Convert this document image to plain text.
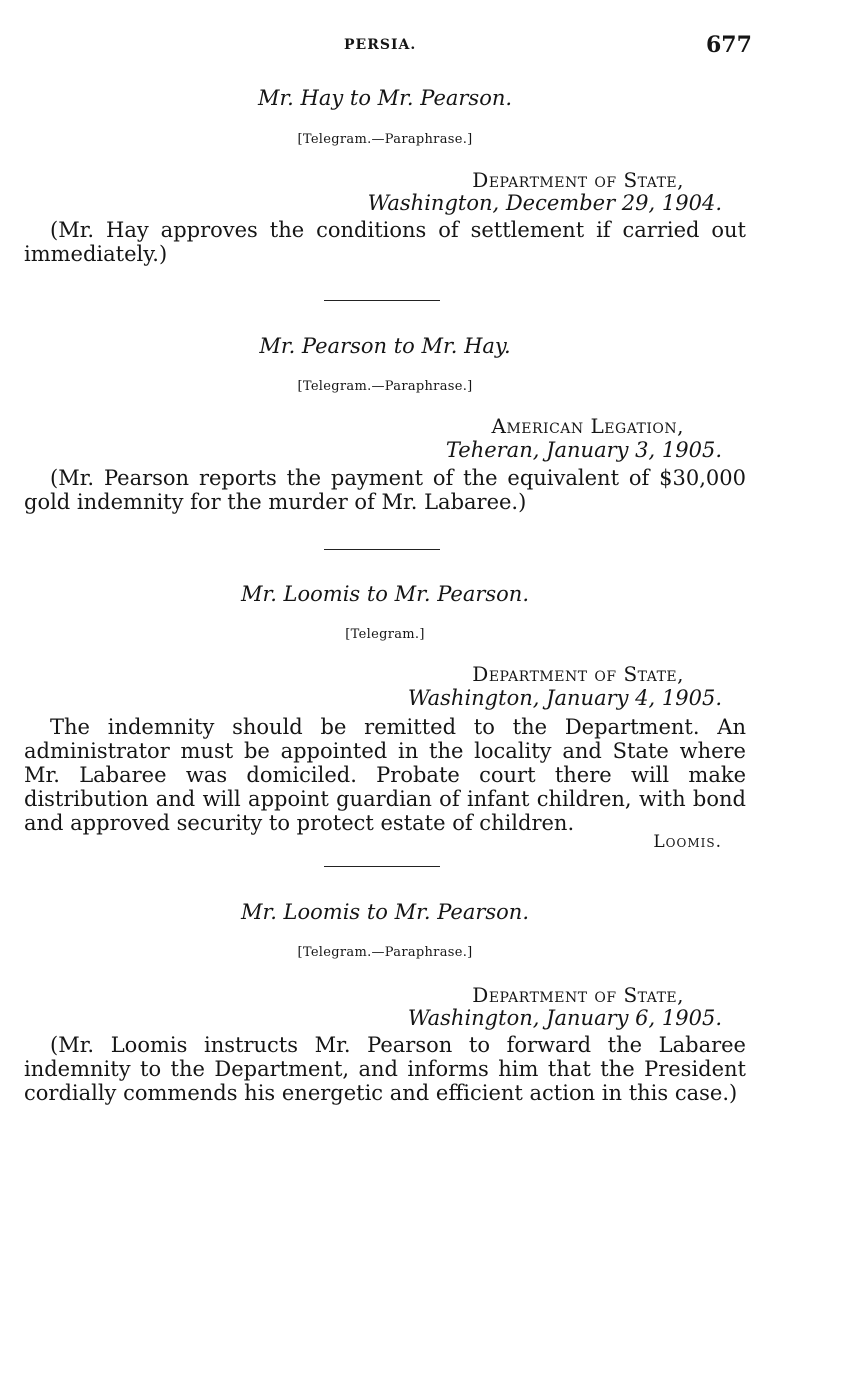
PERSIA.	677
Mr. Hay to Mr. Pearson.
[Telegram.—Paraphrase.]
Department of State,
Washington, December 29, 1904.
(Mr. Hay approves the conditions of settlement if carried out immediately.)
Mr. Pearson to Mr. Hay.
[Telegram.—Paraphrase.]
American Legation,
Teheran, January 3, 1905.
(Mr. Pearson reports the payment of the equivalent of $30,000 gold indemnity for the murder of Mr. Labaree.)
Mr. Loomis to Mr. Pearson.
[Telegram.]
Department of State,
Washington, January 4, 1905.
The indemnity should be remitted to the Department. An administrator must be appointed in the locality and State where Mr. Labaree was domiciled. Probate court there will make distribution and will appoint guardian of infant children, with bond and approved security to protect estate of children.
Loomis.
Mr. Loomis to Mr. Pearson.
[Telegram.—Paraphrase.]
Department of State,
Washington, January 6, 1905.
(Mr. Loomis instructs Mr. Pearson to forward the Labaree indemnity to the Department, and informs him that the President cordially commends his energetic and efficient action in this case.)
